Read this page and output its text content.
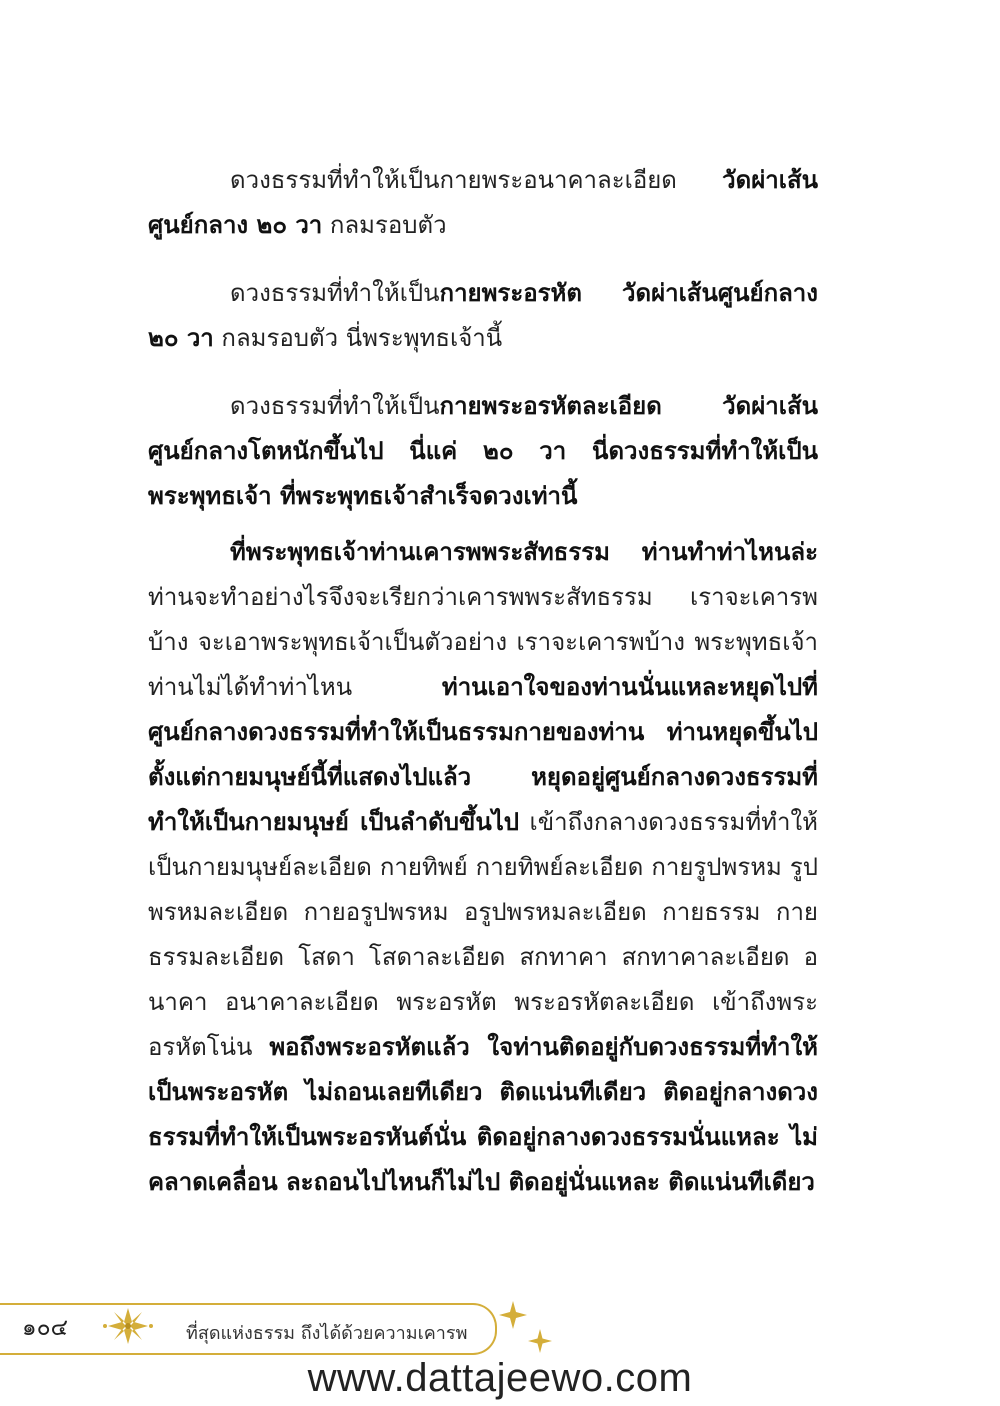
ดวงธรรมที่ทำให้เป็นกายพระอนาคาละเอียด วัดผ่าเส้นศูนย์กลาง ๒๐ วา กลมรอบตัว
ดวงธรรมที่ทำให้เป็นกายพระอรหัต วัดผ่าเส้นศูนย์กลาง ๒๐ วา กลมรอบตัว นี่พระพุทธเจ้านี้
ดวงธรรมที่ทำให้เป็นกายพระอรหัตละเอียด วัดผ่าเส้นศูนย์กลางโตหนักขึ้นไป นี่แค่ ๒๐ วา นี่ดวงธรรมที่ทำให้เป็นพระพุทธเจ้า ที่พระพุทธเจ้าสำเร็จดวงเท่านี้
ที่พระพุทธเจ้าท่านเคารพพระสัทธรรม ท่านทำท่าไหนล่ะ ท่านจะทำอย่างไรจึงจะเรียกว่าเคารพพระสัทธรรม เราจะเคารพบ้าง จะเอาพระพุทธเจ้าเป็นตัวอย่าง เราจะเคารพบ้าง พระพุทธเจ้าท่านไม่ได้ทำท่าไหน ท่านเอาใจของท่านนั่นแหละหยุดไปที่ศูนย์กลางดวงธรรมที่ทำให้เป็นธรรมกายของท่าน ท่านหยุดขึ้นไปตั้งแต่กายมนุษย์นี้ที่แสดงไปแล้ว หยุดอยู่ศูนย์กลางดวงธรรมที่ทำให้เป็นกายมนุษย์ เป็นลำดับขึ้นไป เข้าถึงกลางดวงธรรมที่ทำให้เป็นกายมนุษย์ละเอียด กายทิพย์ กายทิพย์ละเอียด กายรูปพรหม รูปพรหมละเอียด กายอรูปพรหม อรูปพรหมละเอียด กายธรรม กายธรรมละเอียด โสดา โสดาละเอียด สกทาคา สกทาคาละเอียด อนาคา อนาคาละเอียด พระอรหัต พระอรหัตละเอียด เข้าถึงพระอรหัตโน่น พอถึงพระอรหัตแล้ว ใจท่านติดอยู่กับดวงธรรมที่ทำให้เป็นพระอรหัต ไม่ถอนเลยทีเดียว ติดแน่นทีเดียว ติดอยู่กลางดวงธรรมที่ทำให้เป็นพระอรหันต์นั่น ติดอยู่กลางดวงธรรมนั่นแหละ ไม่คลาดเคลื่อน ละถอนไปไหนก็ไม่ไป ติดอยู่นั่นแหละ ติดแน่นทีเดียว
๑๐๔	ที่สุดแห่งธรรม ถึงได้ด้วยความเคารพ
www.dattajeewo.com
